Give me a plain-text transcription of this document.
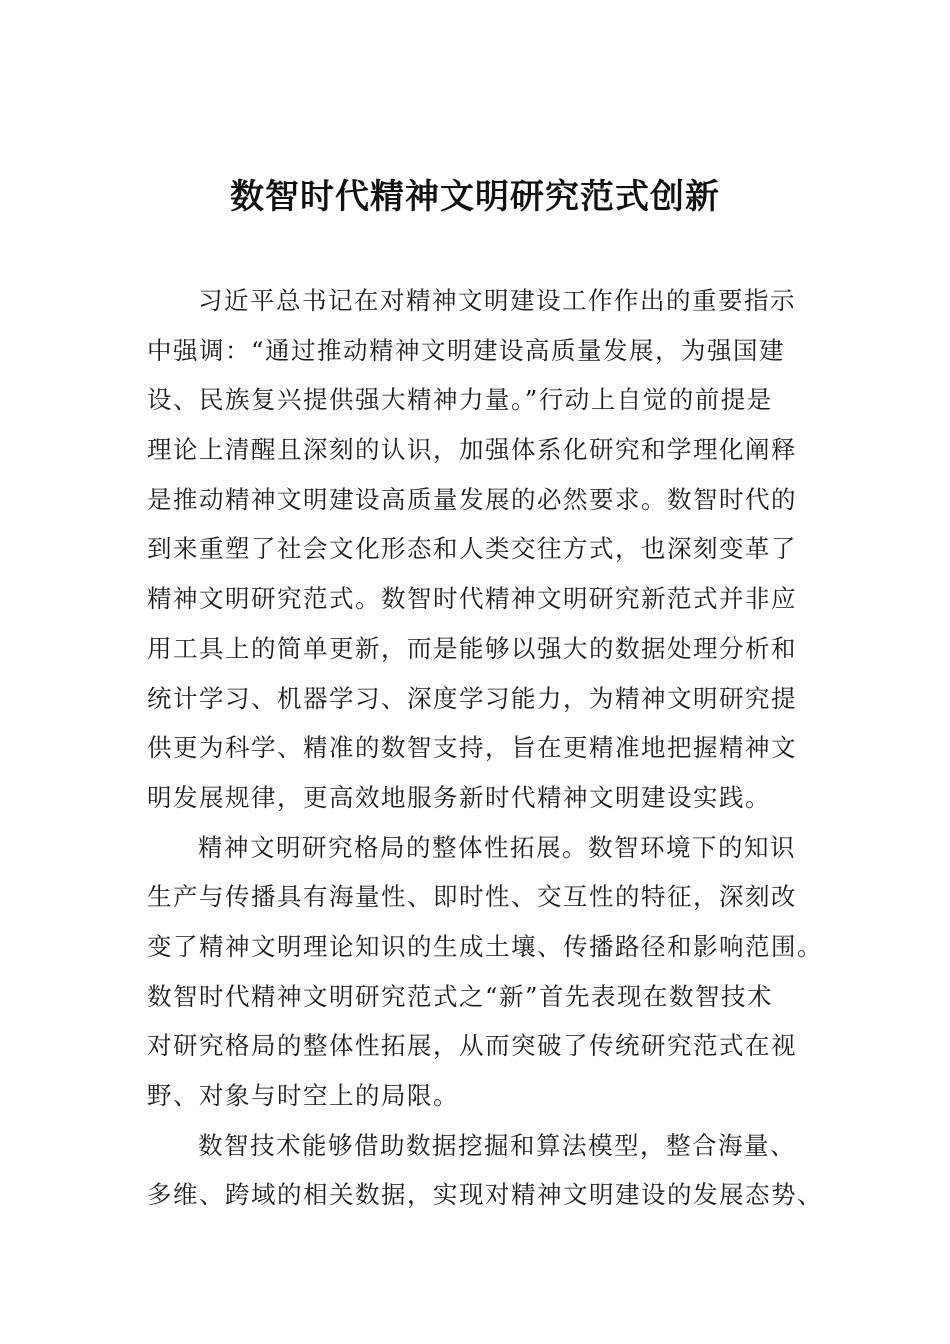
数智时代精神文明研究范式创新
习近平总书记在对精神文明建设工作作出的重要指示
中强调：“通过推动精神文明建设高质量发展，为强国建
设、民族复兴提供强大精神力量。”行动上自觉的前提是
理论上清醒且深刻的认识，加强体系化研究和学理化阐释
是推动精神文明建设高质量发展的必然要求。数智时代的
到来重塑了社会文化形态和人类交往方式，也深刻变革了
精神文明研究范式。数智时代精神文明研究新范式并非应
用工具上的简单更新，而是能够以强大的数据处理分析和
统计学习、机器学习、深度学习能力，为精神文明研究提
供更为科学、精准的数智支持，旨在更精准地把握精神文
明发展规律，更高效地服务新时代精神文明建设实践。
精神文明研究格局的整体性拓展。数智环境下的知识
生产与传播具有海量性、即时性、交互性的特征，深刻改
变了精神文明理论知识的生成土壤、传播路径和影响范围。
数智时代精神文明研究范式之“新”首先表现在数智技术
对研究格局的整体性拓展，从而突破了传统研究范式在视
野、对象与时空上的局限。
数智技术能够借助数据挖掘和算法模型，整合海量、
多维、跨域的相关数据，实现对精神文明建设的发展态势、
